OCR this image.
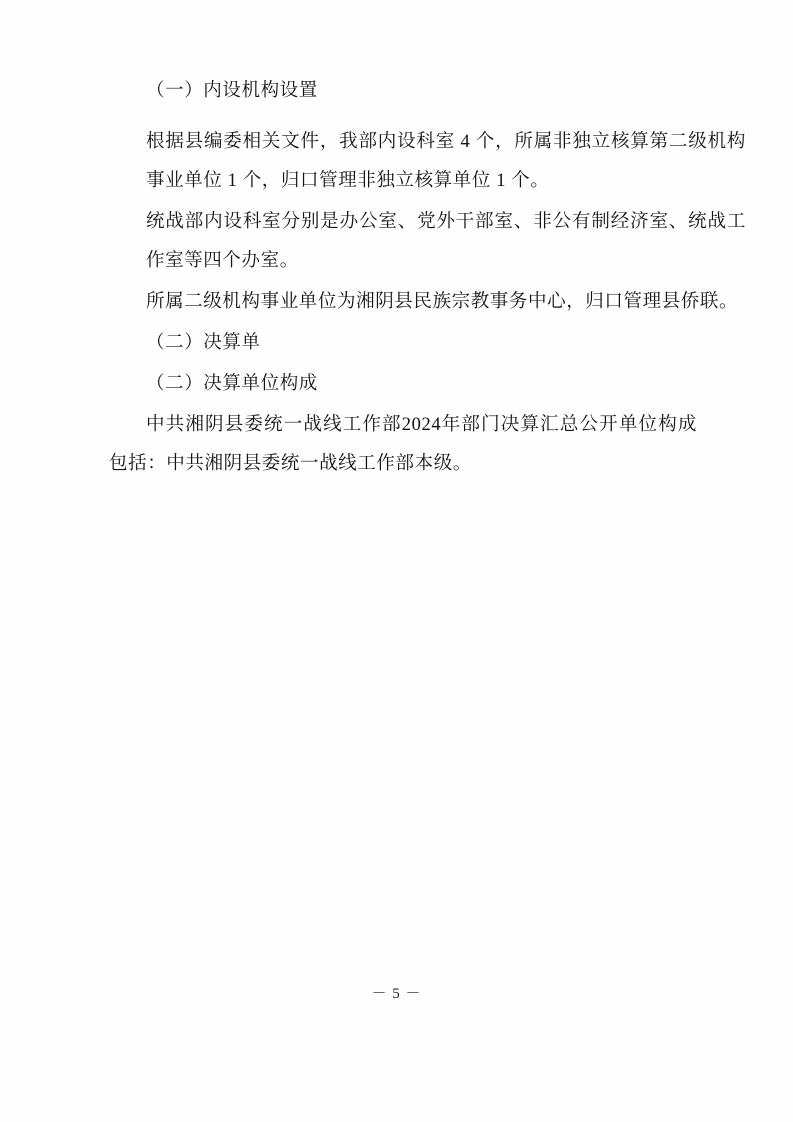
（一）内设机构设置

根据县编委相关文件，我部内设科室 4 个，所属非独立核算第二级机构事业单位 1 个，归口管理非独立核算单位 1 个。

统战部内设科室分别是办公室、党外干部室、非公有制经济室、统战工作室等四个办室。

所属二级机构事业单位为湘阴县民族宗教事务中心，归口管理县侨联。

（二）决算单

（二）决算单位构成

中共湘阴县委统一战线工作部2024年部门决算汇总公开单位构成包括：中共湘阴县委统一战线工作部本级。

－ 5 －
